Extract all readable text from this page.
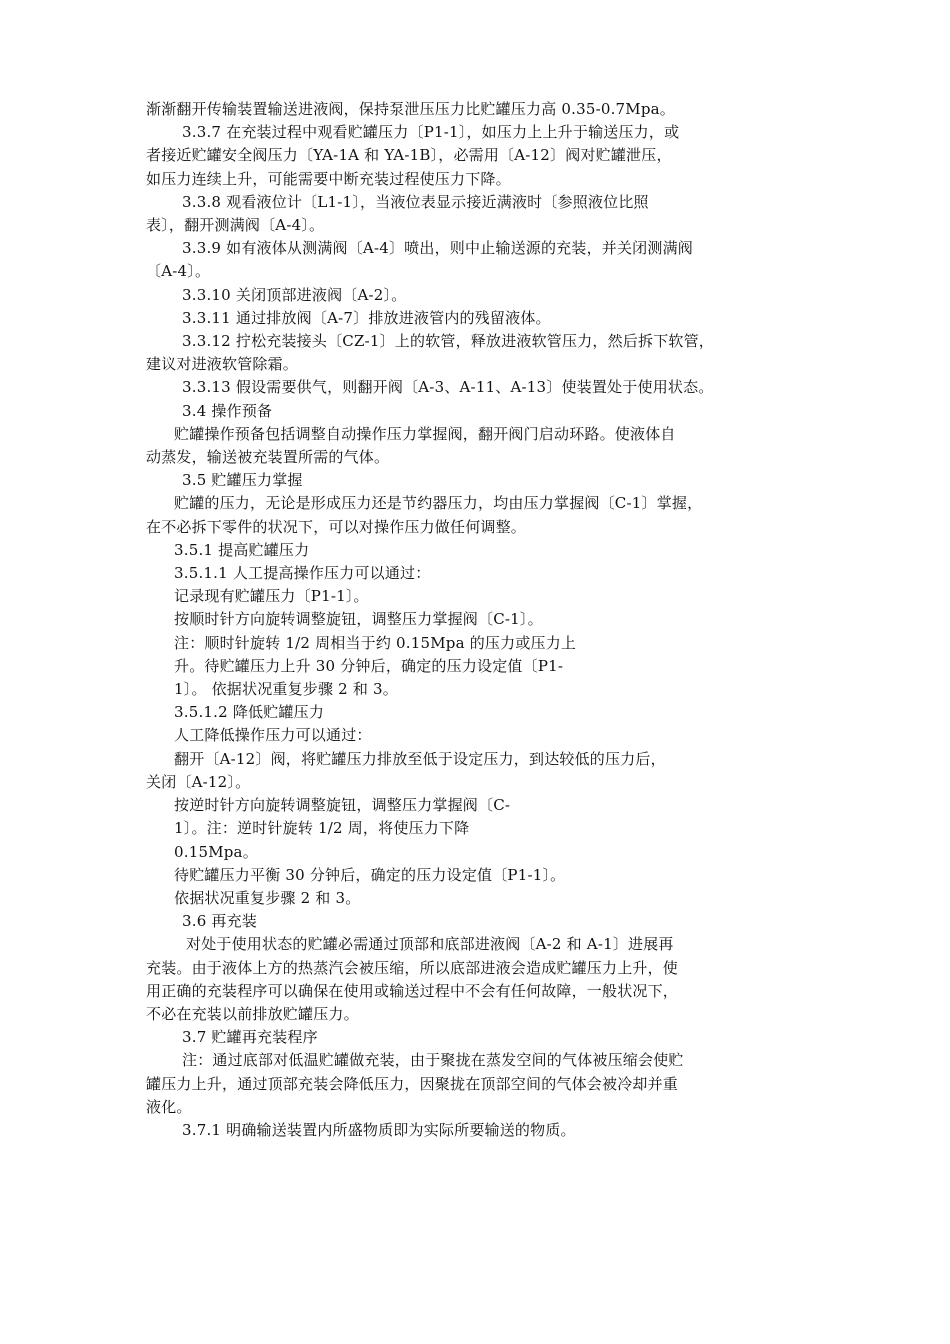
渐渐翻开传输装置输送进液阀，保持泵泄压压力比贮罐压力高 0.35-0.7Mpa。
3.3.7 在充装过程中观看贮罐压力〔P1-1〕，如压力上上升于输送压力，或
者接近贮罐安全阀压力〔YA-1A 和 YA-1B〕，必需用〔A-12〕阀对贮罐泄压，
如压力连续上升，可能需要中断充装过程使压力下降。
3.3.8 观看液位计〔L1-1〕，当液位表显示接近满液时〔参照液位比照
表〕，翻开测满阀〔A-4〕。
3.3.9 如有液体从测满阀〔A-4〕喷出，则中止输送源的充装，并关闭测满阀
〔A-4〕。
3.3.10 关闭顶部进液阀〔A-2〕。
3.3.11 通过排放阀〔A-7〕排放进液管内的残留液体。
3.3.12 拧松充装接头〔CZ-1〕上的软管，释放进液软管压力，然后拆下软管，
建议对进液软管除霜。
3.3.13 假设需要供气，则翻开阀〔A-3、A-11、A-13〕使装置处于使用状态。
3.4 操作预备
贮罐操作预备包括调整自动操作压力掌握阀，翻开阀门启动环路。使液体自
动蒸发，输送被充装置所需的气体。
3.5 贮罐压力掌握
贮罐的压力，无论是形成压力还是节约器压力，均由压力掌握阀〔C-1〕掌握，
在不必拆下零件的状况下，可以对操作压力做任何调整。
3.5.1 提高贮罐压力
3.5.1.1 人工提高操作压力可以通过：
记录现有贮罐压力〔P1-1〕。
按顺时针方向旋转调整旋钮，调整压力掌握阀〔C-1〕。
注：顺时针旋转 1/2 周相当于约 0.15Mpa 的压力或压力上
升。待贮罐压力上升 30 分钟后，确定的压力设定值〔P1-
1〕。 依据状况重复步骤 2 和 3。
3.5.1.2 降低贮罐压力
人工降低操作压力可以通过：
翻开〔A-12〕阀，将贮罐压力排放至低于设定压力，到达较低的压力后，
关闭〔A-12〕。
按逆时针方向旋转调整旋钮，调整压力掌握阀〔C-
1〕。注：逆时针旋转 1/2 周，将使压力下降
0.15Mpa。
待贮罐压力平衡 30 分钟后，确定的压力设定值〔P1-1〕。
依据状况重复步骤 2 和 3。
3.6 再充装
对处于使用状态的贮罐必需通过顶部和底部进液阀〔A-2 和 A-1〕进展再
充装。由于液体上方的热蒸汽会被压缩，所以底部进液会造成贮罐压力上升，使
用正确的充装程序可以确保在使用或输送过程中不会有任何故障，一般状况下，
不必在充装以前排放贮罐压力。
3.7 贮罐再充装程序
注：通过底部对低温贮罐做充装，由于聚拢在蒸发空间的气体被压缩会使贮
罐压力上升，通过顶部充装会降低压力，因聚拢在顶部空间的气体会被冷却并重
液化。
3.7.1 明确输送装置内所盛物质即为实际所要输送的物质。
